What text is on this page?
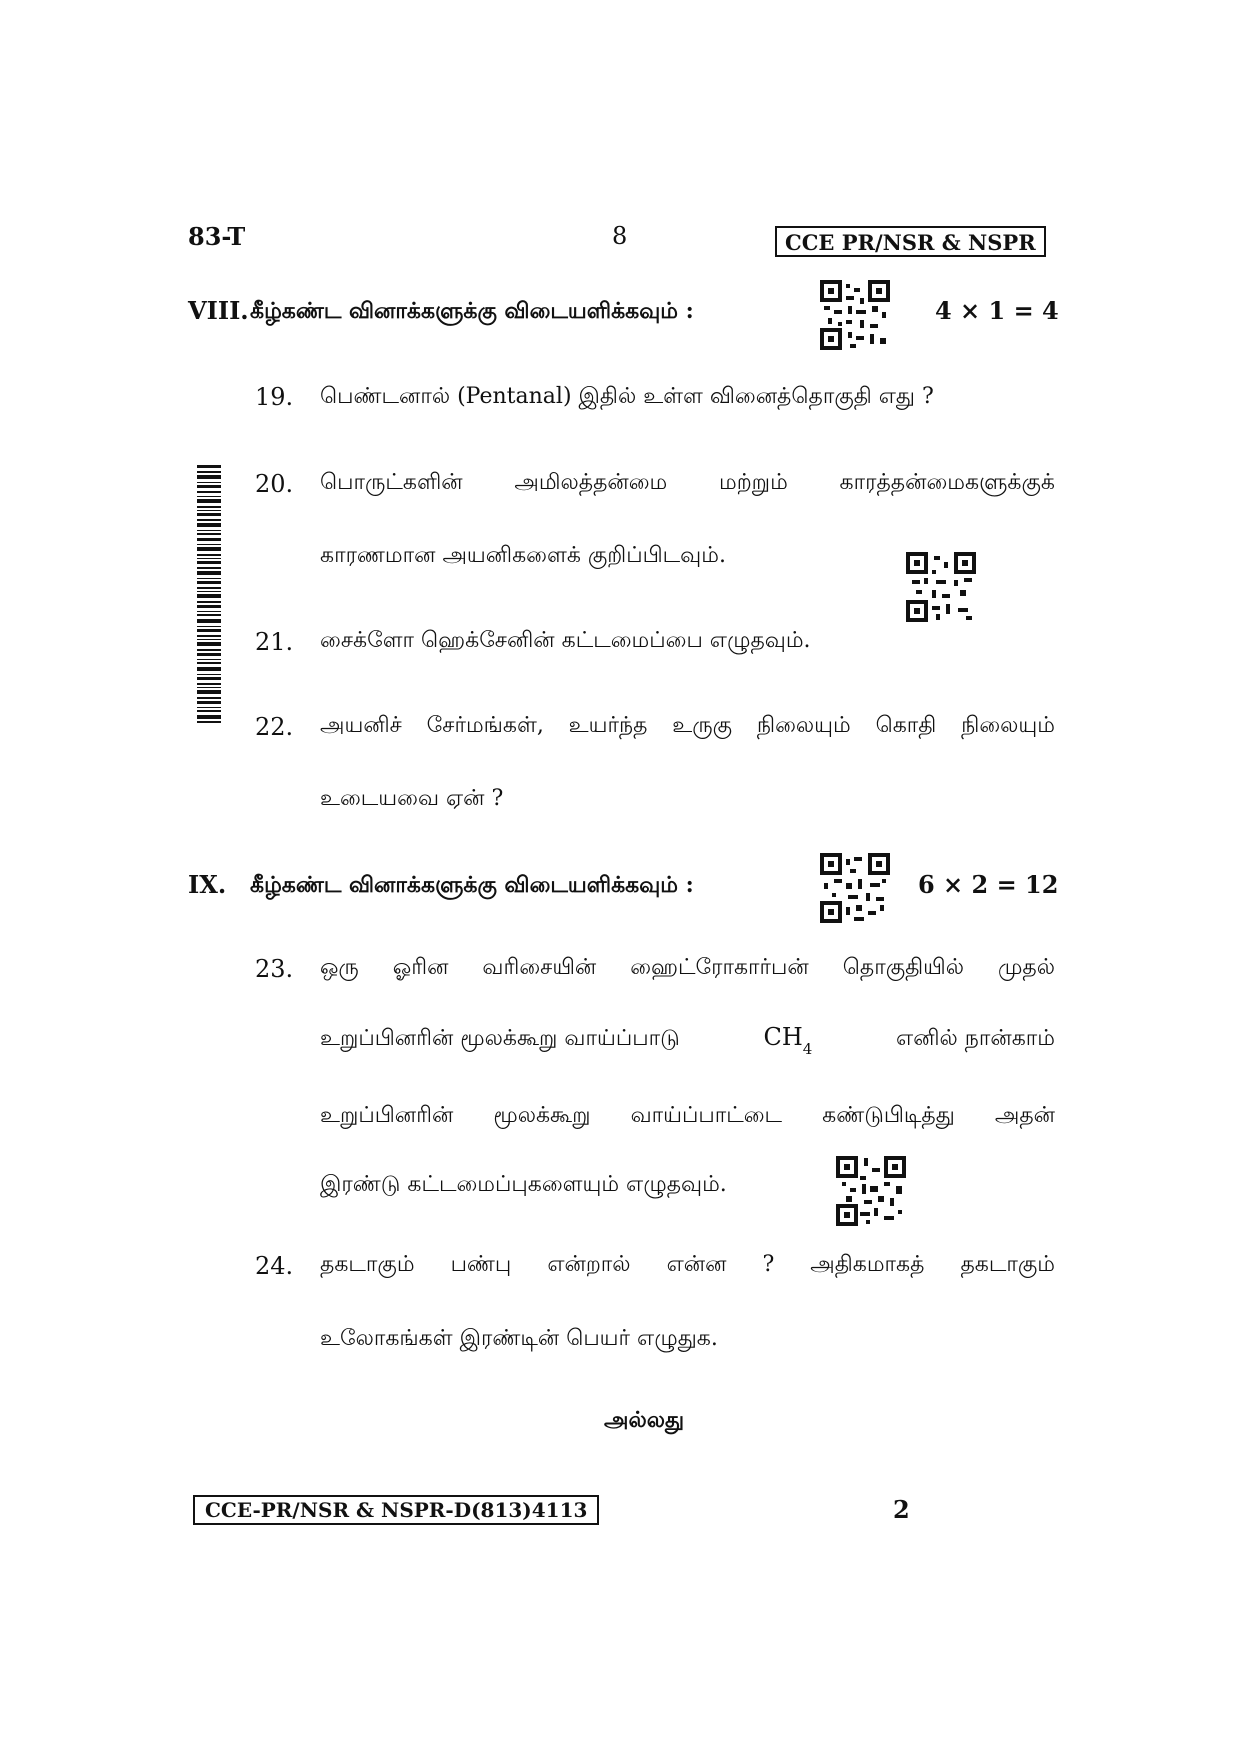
83-T	8	CCE PR/NSR & NSPR
VIII. கீழ்கண்ட வினாக்களுக்கு விடையளிக்கவும் :	4 × 1 = 4
19. பெண்டனால் (Pentanal) இதில் உள்ள வினைத்தொகுதி எது ?
20. பொருட்களின் அமிலத்தன்மை மற்றும் காரத்தன்மைகளுக்குக்
காரணமான அயனிகளைக் குறிப்பிடவும்.
21. சைக்ளோ ஹெக்சேனின் கட்டமைப்பை எழுதவும்.
22. அயனிச் சேர்மங்கள், உயர்ந்த உருகு நிலையும் கொதி நிலையும்
உடையவை ஏன் ?
IX. கீழ்கண்ட வினாக்களுக்கு விடையளிக்கவும் :	6 × 2 = 12
23. ஒரு ஓரின வரிசையின் ஹைட்ரோகார்பன் தொகுதியில் முதல்
உறுப்பினரின் மூலக்கூறு வாய்ப்பாடு	$CH_4$	எனில் நான்காம்
உறுப்பினரின் மூலக்கூறு வாய்ப்பாட்டை கண்டுபிடித்து அதன்
இரண்டு கட்டமைப்புகளையும் எழுதவும்.
24. தகடாகும் பண்பு என்றால் என்ன ? அதிகமாகத் தகடாகும்
உலோகங்கள் இரண்டின் பெயர் எழுதுக.
அல்லது
CCE-PR/NSR & NSPR-D(813)4113	2
